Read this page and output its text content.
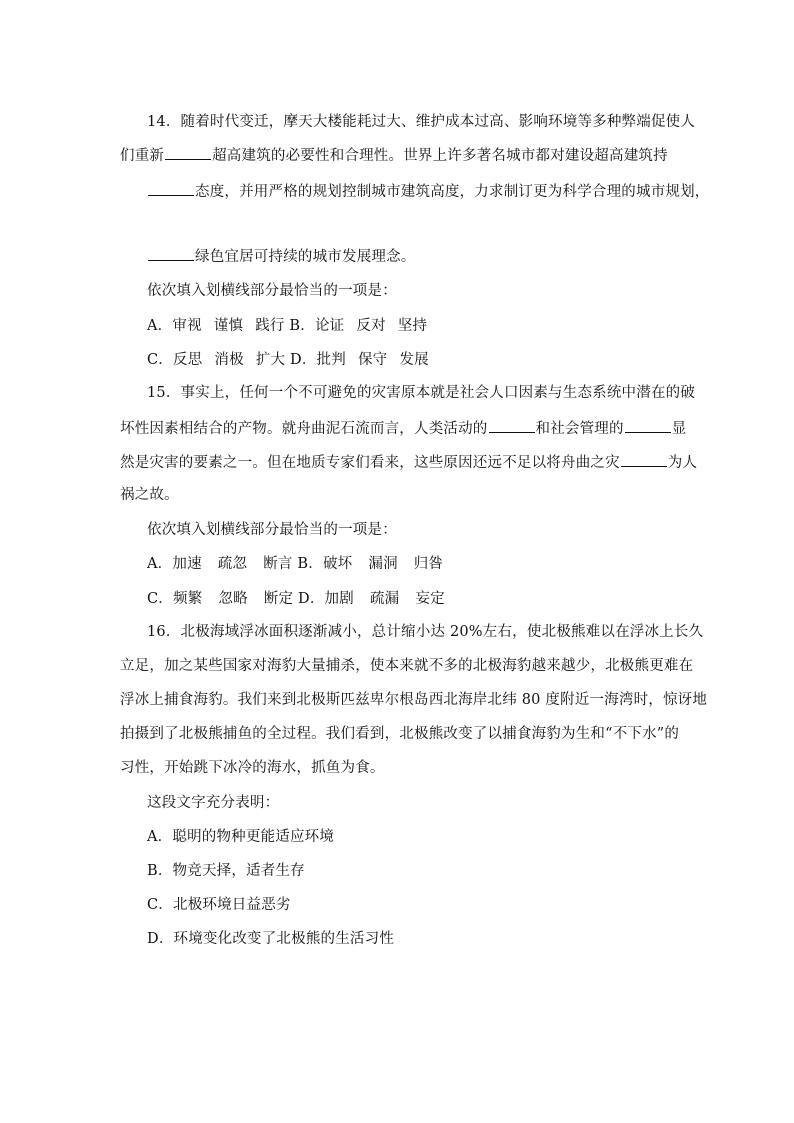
14．随着时代变迁，摩天大楼能耗过大、维护成本过高、影响环境等多种弊端促使人
们重新	超高建筑的必要性和合理性。世界上许多著名城市都对建设超高建筑持
态度，并用严格的规划控制城市建筑高度，力求制订更为科学合理的城市规划，
绿色宜居可持续的城市发展理念。
依次填入划横线部分最恰当的一项是：
A．审视 谨慎 践行 B．论证 反对 坚持
C．反思 消极 扩大 D．批判 保守 发展
15．事实上，任何一个不可避免的灾害原本就是社会人口因素与生态系统中潜在的破
坏性因素相结合的产物。就舟曲泥石流而言，人类活动的	和社会管理的	显
然是灾害的要素之一。但在地质专家们看来，这些原因还远不足以将舟曲之灾	为人
祸之故。
依次填入划横线部分最恰当的一项是：
A．加速 疏忽 断言 B．破坏 漏洞 归咎
C．频繁 忽略 断定 D．加剧 疏漏 妄定
16．北极海域浮冰面积逐渐减小，总计缩小达 20%左右，使北极熊难以在浮冰上长久
立足，加之某些国家对海豹大量捕杀，使本来就不多的北极海豹越来越少，北极熊更难在
浮冰上捕食海豹。我们来到北极斯匹兹卑尔根岛西北海岸北纬 80 度附近一海湾时，惊讶地
拍摄到了北极熊捕鱼的全过程。我们看到，北极熊改变了以捕食海豹为生和“不下水”的
习性，开始跳下冰冷的海水，抓鱼为食。
这段文字充分表明：
A．聪明的物种更能适应环境
B．物竞天择，适者生存
C．北极环境日益恶劣
D．环境变化改变了北极熊的生活习性
